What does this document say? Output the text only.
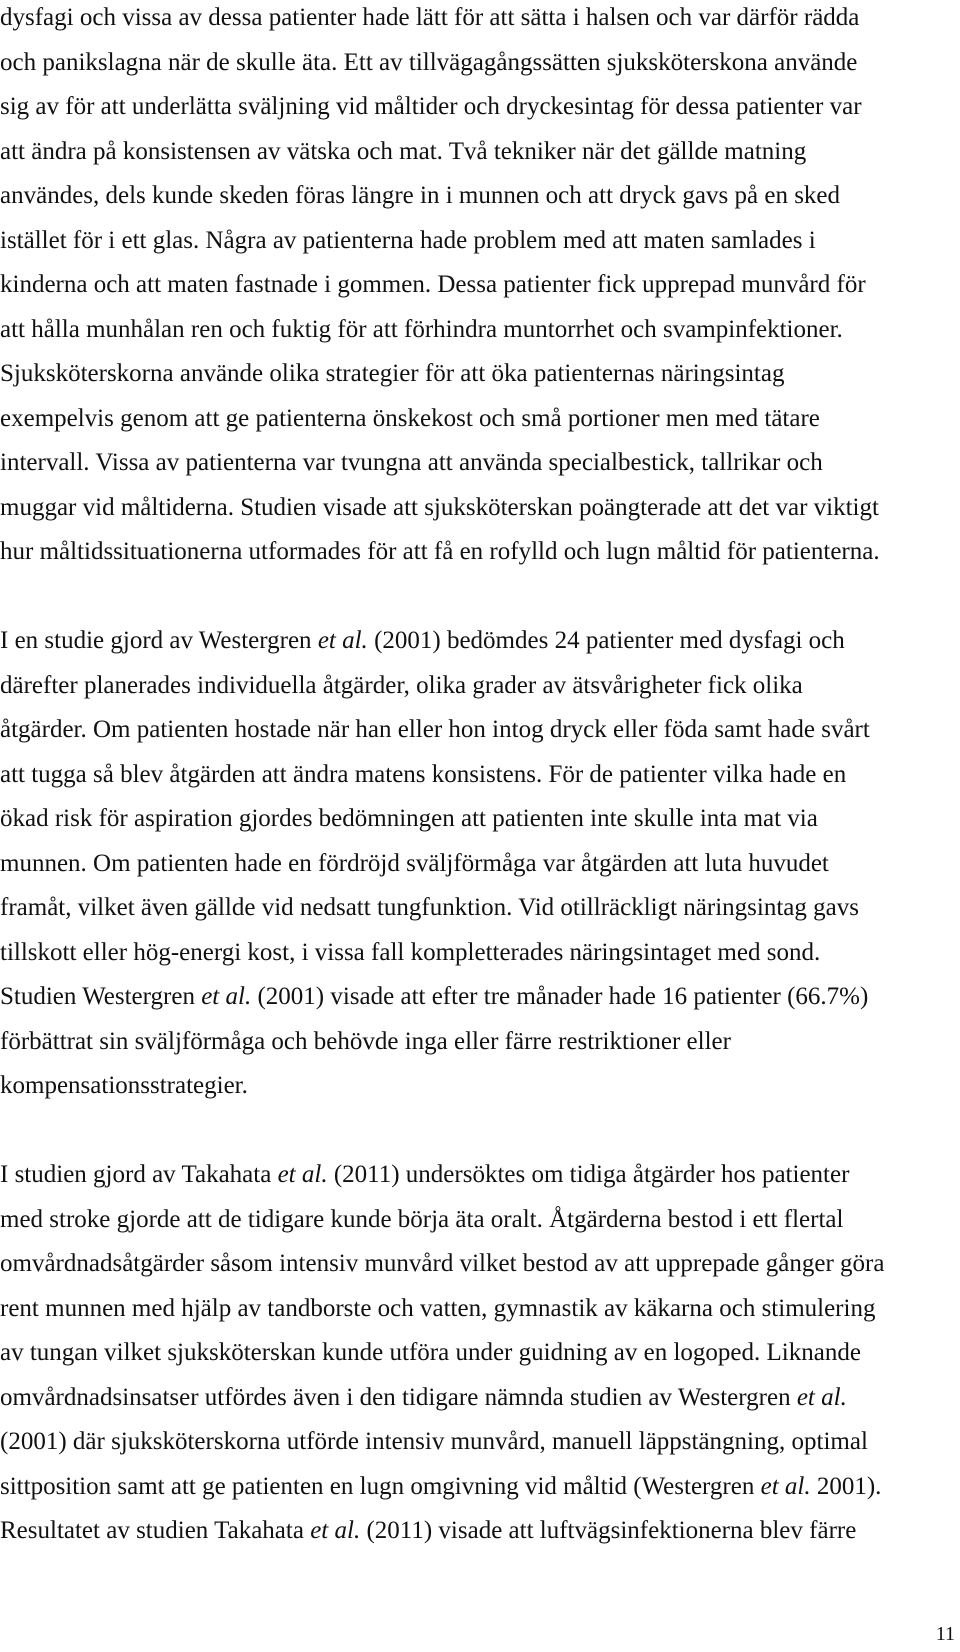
dysfagi och vissa av dessa patienter hade lätt för att sätta i halsen och var därför rädda
och panikslagna när de skulle äta. Ett av tillvägagångssätten sjuksköterskona använde
sig av för att underlätta sväljning vid måltider och dryckesintag för dessa patienter var
att ändra på konsistensen av vätska och mat. Två tekniker när det gällde matning
användes, dels kunde skeden föras längre in i munnen och att dryck gavs på en sked
istället för i ett glas. Några av patienterna hade problem med att maten samlades i
kinderna och att maten fastnade i gommen. Dessa patienter fick upprepad munvård för
att hålla munhålan ren och fuktig för att förhindra muntorrhet och svampinfektioner.
Sjuksköterskorna använde olika strategier för att öka patienternas näringsintag
exempelvis genom att ge patienterna önskekost och små portioner men med tätare
intervall. Vissa av patienterna var tvungna att använda specialbestick, tallrikar och
muggar vid måltiderna. Studien visade att sjuksköterskan poängterade att det var viktigt
hur måltidssituationerna utformades för att få en rofylld och lugn måltid för patienterna.
I en studie gjord av Westergren et al. (2001) bedömdes 24 patienter med dysfagi och
därefter planerades individuella åtgärder, olika grader av ätsvårigheter fick olika
åtgärder. Om patienten hostade när han eller hon intog dryck eller föda samt hade svårt
att tugga så blev åtgärden att ändra matens konsistens. För de patienter vilka hade en
ökad risk för aspiration gjordes bedömningen att patienten inte skulle inta mat via
munnen. Om patienten hade en fördröjd sväljförmåga var åtgärden att luta huvudet
framåt, vilket även gällde vid nedsatt tungfunktion. Vid otillräckligt näringsintag gavs
tillskott eller hög-energi kost, i vissa fall kompletterades näringsintaget med sond.
Studien Westergren et al. (2001) visade att efter tre månader hade 16 patienter (66.7%)
förbättrat sin sväljförmåga och behövde inga eller färre restriktioner eller
kompensationsstrategier.
I studien gjord av Takahata et al. (2011) undersöktes om tidiga åtgärder hos patienter
med stroke gjorde att de tidigare kunde börja äta oralt. Åtgärderna bestod i ett flertal
omvårdnadsåtgärder såsom intensiv munvård vilket bestod av att upprepade gånger göra
rent munnen med hjälp av tandborste och vatten, gymnastik av käkarna och stimulering
av tungan vilket sjuksköterskan kunde utföra under guidning av en logoped. Liknande
omvårdnadsinsatser utfördes även i den tidigare nämnda studien av Westergren et al.
(2001) där sjuksköterskorna utförde intensiv munvård, manuell läppstängning, optimal
sittposition samt att ge patienten en lugn omgivning vid måltid (Westergren et al. 2001).
Resultatet av studien Takahata et al. (2011) visade att luftvägsinfektionerna blev färre
11
